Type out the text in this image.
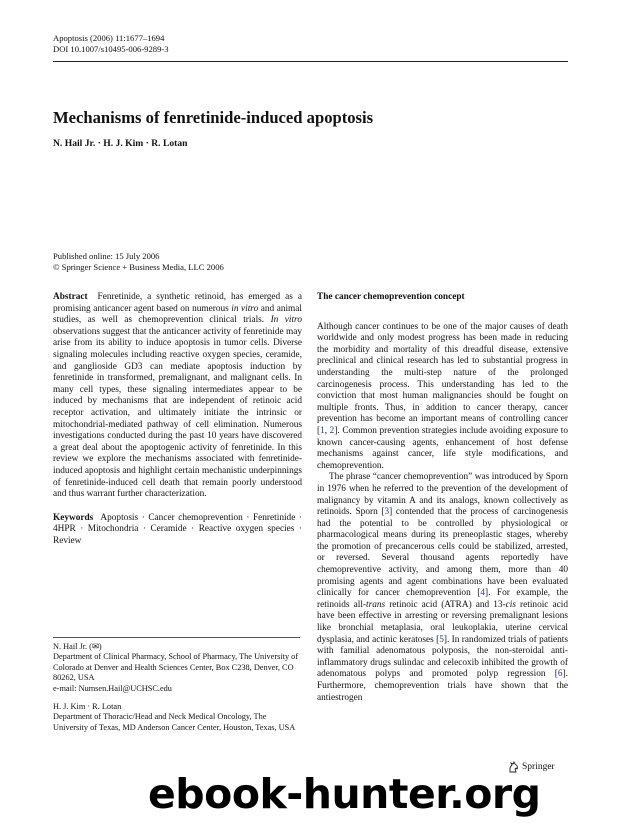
Apoptosis (2006) 11:1677–1694
DOI 10.1007/s10495-006-9289-3
Mechanisms of fenretinide-induced apoptosis
N. Hail Jr. · H. J. Kim · R. Lotan
Published online: 15 July 2006
© Springer Science + Business Media, LLC 2006

Abstract Fenretinide, a synthetic retinoid, has emerged as a promising anticancer agent based on numerous in vitro and animal studies, as well as chemoprevention clinical trials. In vitro observations suggest that the anticancer activity of fenretinide may arise from its ability to induce apoptosis in tumor cells. Diverse signaling molecules including reactive oxygen species, ceramide, and ganglioside GD3 can mediate apoptosis induction by fenretinide in transformed, premalignant, and malignant cells. In many cell types, these signaling intermediates appear to be induced by mechanisms that are independent of retinoic acid receptor activation, and ultimately initiate the intrinsic or mitochondrial-mediated pathway of cell elimination. Numerous investigations conducted during the past 10 years have discovered a great deal about the apoptogenic activity of fenretinide. In this review we explore the mechanisms associated with fenretinide-induced apoptosis and highlight certain mechanistic underpinnings of fenretinide-induced cell death that remain poorly understood and thus warrant further characterization.

Keywords Apoptosis · Cancer chemoprevention · Fenretinide · 4HPR · Mitochondria · Ceramide · Reactive oxygen species · Review

N. Hail Jr. (✉)

Department of Clinical Pharmacy, School of Pharmacy, The University of Colorado at Denver and Health Sciences Center, Box C238, Denver, CO 80262, USA

e-mail: Numsen.Hail@UCHSC.edu

H. J. Kim · R. Lotan

Department of Thoracic/Head and Neck Medical Oncology, The University of Texas, MD Anderson Cancer Center, Houston, Texas, USA

The cancer chemoprevention concept

Although cancer continues to be one of the major causes of death worldwide and only modest progress has been made in reducing the morbidity and mortality of this dreadful disease, extensive preclinical and clinical research has led to substantial progress in understanding the multi-step nature of the prolonged carcinogenesis process. This understanding has led to the conviction that most human malignancies should be fought on multiple fronts. Thus, in addition to cancer therapy, cancer prevention has become an important means of controlling cancer [1, 2]. Common prevention strategies include avoiding exposure to known cancer-causing agents, enhancement of host defense mechanisms against cancer, life style modifications, and chemoprevention.

The phrase “cancer chemoprevention” was introduced by Sporn in 1976 when he referred to the prevention of the development of malignancy by vitamin A and its analogs, known collectively as retinoids. Sporn [3] contended that the process of carcinogenesis had the potential to be controlled by physiological or pharmacological means during its preneoplastic stages, whereby the promotion of precancerous cells could be stabilized, arrested, or reversed. Several thousand agents reportedly have chemopreventive activity, and among them, more than 40 promising agents and agent combinations have been evaluated clinically for cancer chemoprevention [4]. For example, the retinoids all-trans retinoic acid (ATRA) and 13-cis retinoic acid have been effective in arresting or reversing premalignant lesions like bronchial metaplasia, oral leukoplakia, uterine cervical dysplasia, and actinic keratoses [5]. In randomized trials of patients with familial adenomatous polyposis, the non-steroidal anti-inflammatory drugs sulindac and celecoxib inhibited the growth of adenomatous polyps and promoted polyp regression [6]. Furthermore, chemoprevention trials have shown that the antiestrogen

Springer
ebook-hunter.org
